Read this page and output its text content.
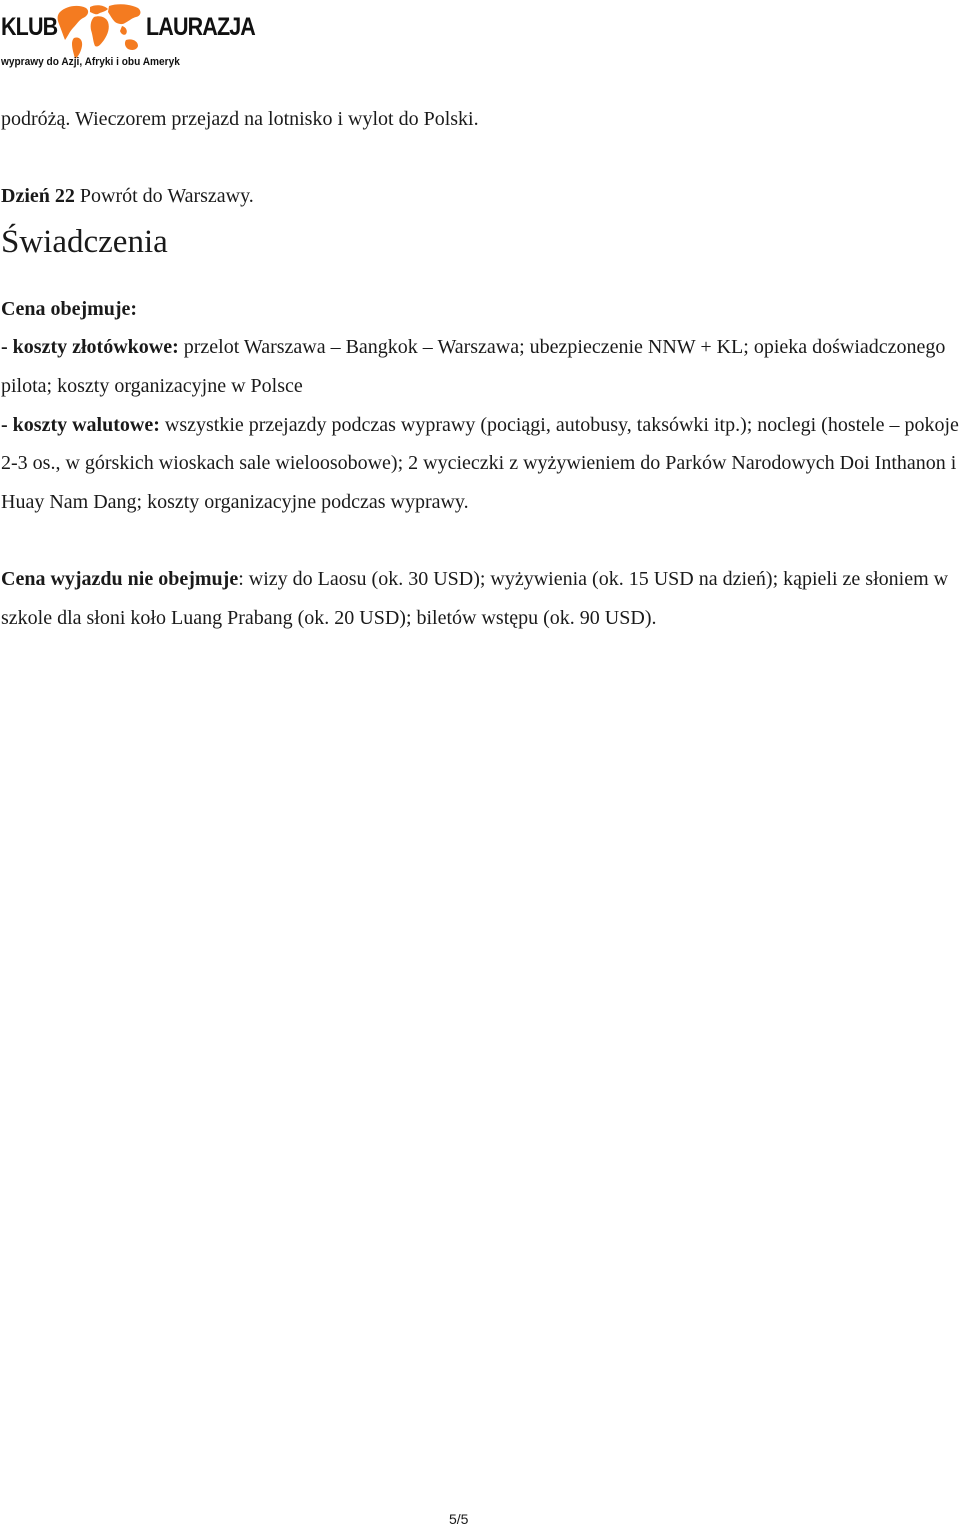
KLUB	LAURAZJA
wyprawy do Azji, Afryki i obu Ameryk

podróżą. Wieczorem przejazd na lotnisko i wylot do Polski.

Dzień 22 Powrót do Warszawy.

Świadczenia

Cena obejmuje:

- koszty złotówkowe: przelot Warszawa – Bangkok – Warszawa; ubezpieczenie NNW + KL; opieka doświadczonego pilota; koszty organizacyjne w Polsce

- koszty walutowe: wszystkie przejazdy podczas wyprawy (pociągi, autobusy, taksówki itp.); noclegi (hostele – pokoje 2-3 os., w górskich wioskach sale wieloosobowe); 2 wycieczki z wyżywieniem do Parków Narodowych Doi Inthanon i Huay Nam Dang; koszty organizacyjne podczas wyprawy.

Cena wyjazdu nie obejmuje: wizy do Laosu (ok. 30 USD); wyżywienia (ok. 15 USD na dzień); kąpieli ze słoniem w szkole dla słoni koło Luang Prabang (ok. 20 USD); biletów wstępu (ok. 90 USD).

5/5
